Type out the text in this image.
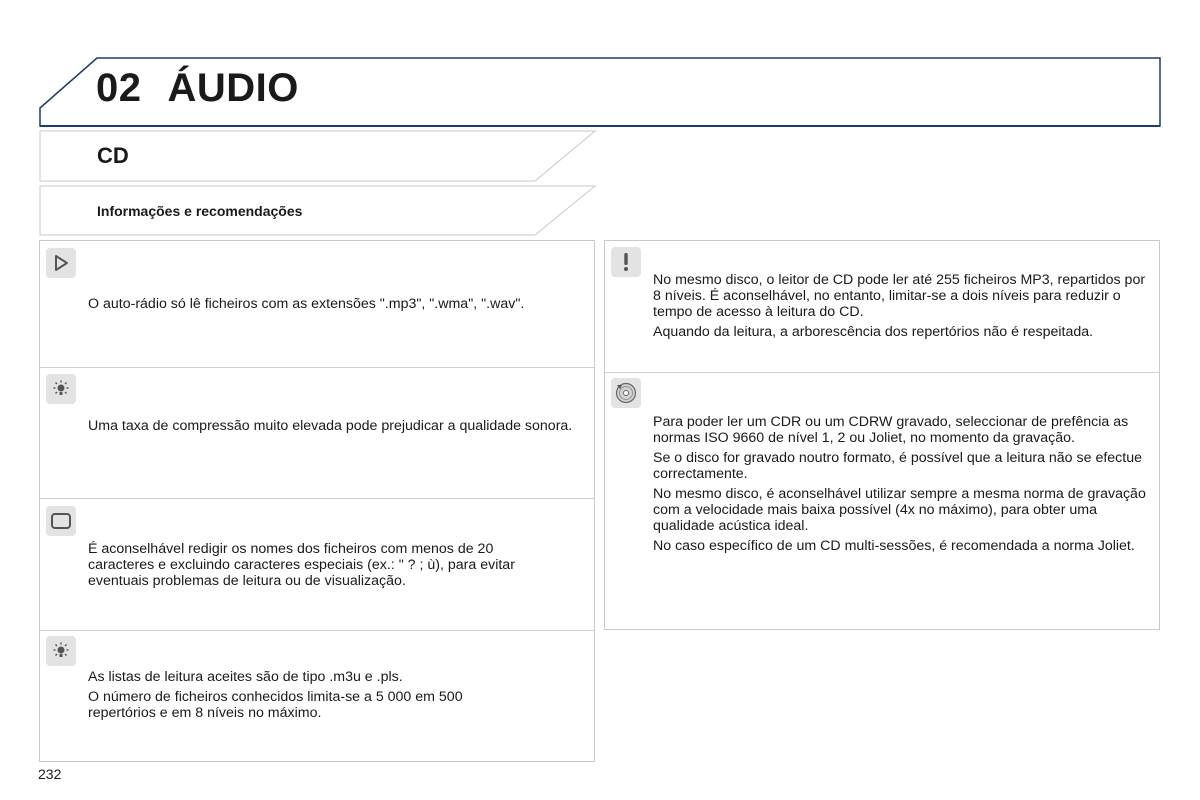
02 ÁUDIO
CD
Informações e recomendações

O auto-rádio só lê ficheiros com as extensões ".mp3", ".wma", ".wav".

Uma taxa de compressão muito elevada pode prejudicar a qualidade sonora.

É aconselhável redigir os nomes dos ficheiros com menos de 20 caracteres e excluindo caracteres especiais (ex.: " ? ; ù), para evitar eventuais problemas de leitura ou de visualização.

As listas de leitura aceites são de tipo .m3u e .pls.

O número de ficheiros conhecidos limita-se a 5 000 em 500 repertórios e em 8 níveis no máximo.

No mesmo disco, o leitor de CD pode ler até 255 ficheiros MP3, repartidos por 8 níveis. É aconselhável, no entanto, limitar-se a dois níveis para reduzir o tempo de acesso à leitura do CD.

Aquando da leitura, a arborescência dos repertórios não é respeitada.

Para poder ler um CDR ou um CDRW gravado, seleccionar de prefência as normas ISO 9660 de nível 1, 2 ou Joliet, no momento da gravação.

Se o disco for gravado noutro formato, é possível que a leitura não se efectue correctamente.

No mesmo disco, é aconselhável utilizar sempre a mesma norma de gravação com a velocidade mais baixa possível (4x no máximo), para obter uma qualidade acústica ideal.

No caso específico de um CD multi-sessões, é recomendada a norma Joliet.

232
